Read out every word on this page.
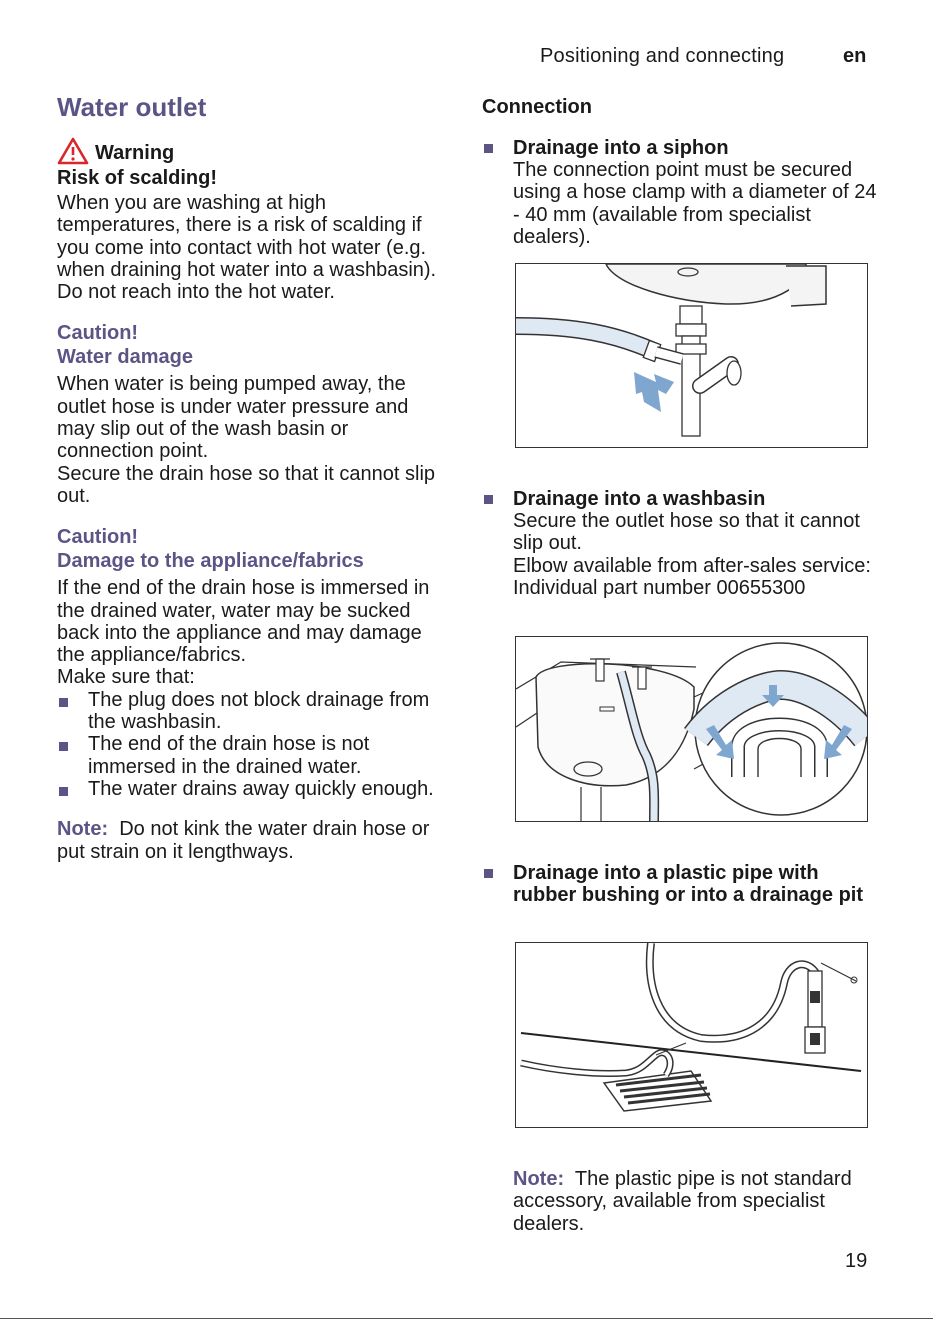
Positioning and connecting	en
Water outlet
Warning
Risk of scalding!

When you are washing at high temperatures, there is a risk of scalding if you come into contact with hot water (e.g. when draining hot water into a washbasin).

Do not reach into the hot water.

Caution!
Water damage

When water is being pumped away, the outlet hose is under water pressure and may slip out of the wash basin or connection point.

Secure the drain hose so that it cannot slip out.

Caution!
Damage to the appliance/fabrics

If the end of the drain hose is immersed in the drained water, water may be sucked back into the appliance and may damage the appliance/fabrics.

Make sure that:

The plug does not block drainage from the washbasin.
The end of the drain hose is not immersed in the drained water.
The water drains away quickly enough.

Note: Do not kink the water drain hose or put strain on it lengthways.

Connection
Drainage into a siphon

The connection point must be secured using a hose clamp with a diameter of 24 - 40 mm (available from specialist dealers).

Drainage into a washbasin

Secure the outlet hose so that it cannot slip out.

Elbow available from after-sales service:

Individual part number 00655300

Drainage into a plastic pipe with rubber bushing or into a drainage pit

Note: The plastic pipe is not standard accessory, available from specialist dealers.

19
